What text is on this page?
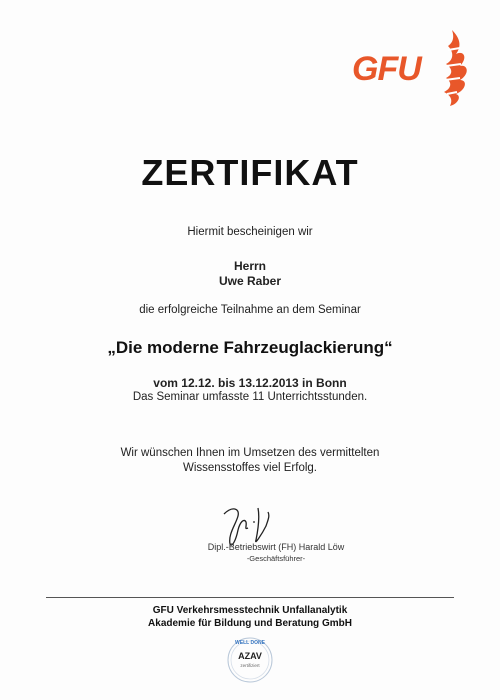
GFU
ZERTIFIKAT
Hiermit bescheinigen wir
Herrn
Uwe Raber
die erfolgreiche Teilnahme an dem Seminar
„Die moderne Fahrzeuglackierung“
vom 12.12. bis 13.12.2013 in Bonn
Das Seminar umfasste 11 Unterrichtsstunden.
Wir wünschen Ihnen im Umsetzen des vermittelten
Wissensstoffes viel Erfolg.
Dipl.-Betriebswirt (FH) Harald Löw
-Geschäftsführer-
GFU Verkehrsmesstechnik Unfallanalytik
Akademie für Bildung und Beratung GmbH
WELL DONE
AZAV
zertifiziert
